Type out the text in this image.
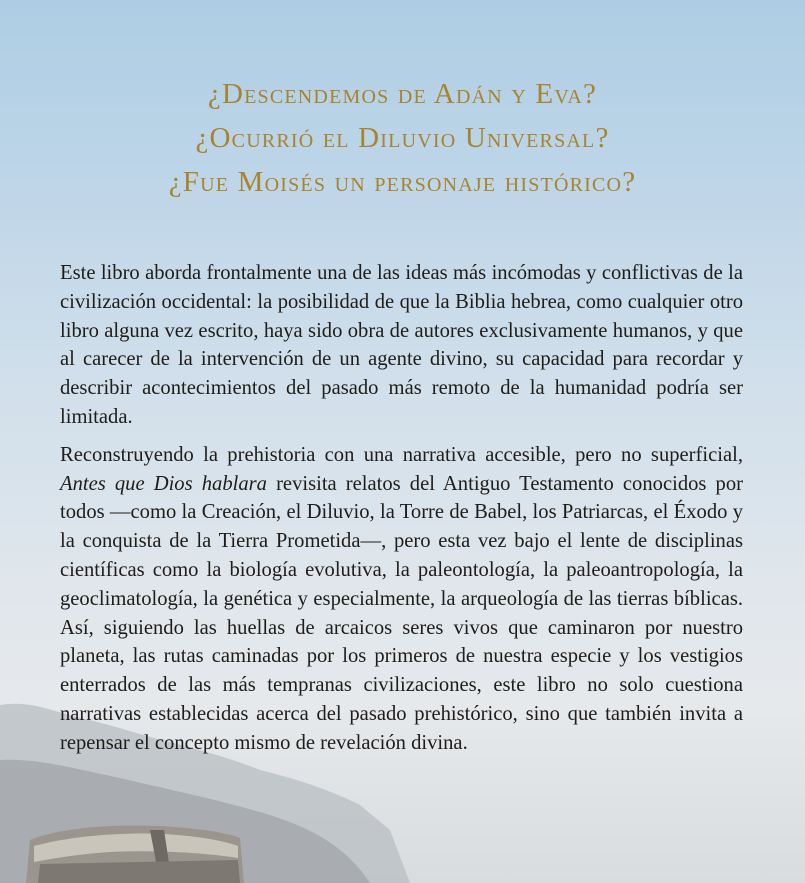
¿Descendemos de Adán y Eva?
¿Ocurrió el Diluvio Universal?
¿Fue Moisés un personaje histórico?

Este libro aborda frontalmente una de las ideas más incómodas y conflictivas de la civilización occidental: la posibilidad de que la Biblia hebrea, como cualquier otro libro alguna vez escrito, haya sido obra de autores exclusivamente humanos, y que al carecer de la intervención de un agente divino, su capacidad para recordar y describir acontecimientos del pasado más remoto de la humanidad podría ser limitada.

Reconstruyendo la prehistoria con una narrativa accesible, pero no superficial, Antes que Dios hablara revisita relatos del Antiguo Testamento conocidos por todos —como la Creación, el Diluvio, la Torre de Babel, los Patriarcas, el Éxodo y la conquista de la Tierra Prometida—, pero esta vez bajo el lente de disciplinas científicas como la biología evolutiva, la paleontología, la paleoantropología, la geoclimatología, la genética y especialmente, la arqueología de las tierras bíblicas. Así, siguiendo las huellas de arcaicos seres vivos que caminaron por nuestro planeta, las rutas caminadas por los primeros de nuestra especie y los vestigios enterrados de las más tempranas civilizaciones, este libro no solo cuestiona narrativas establecidas acerca del pasado prehistórico, sino que también invita a repensar el concepto mismo de revelación divina.
